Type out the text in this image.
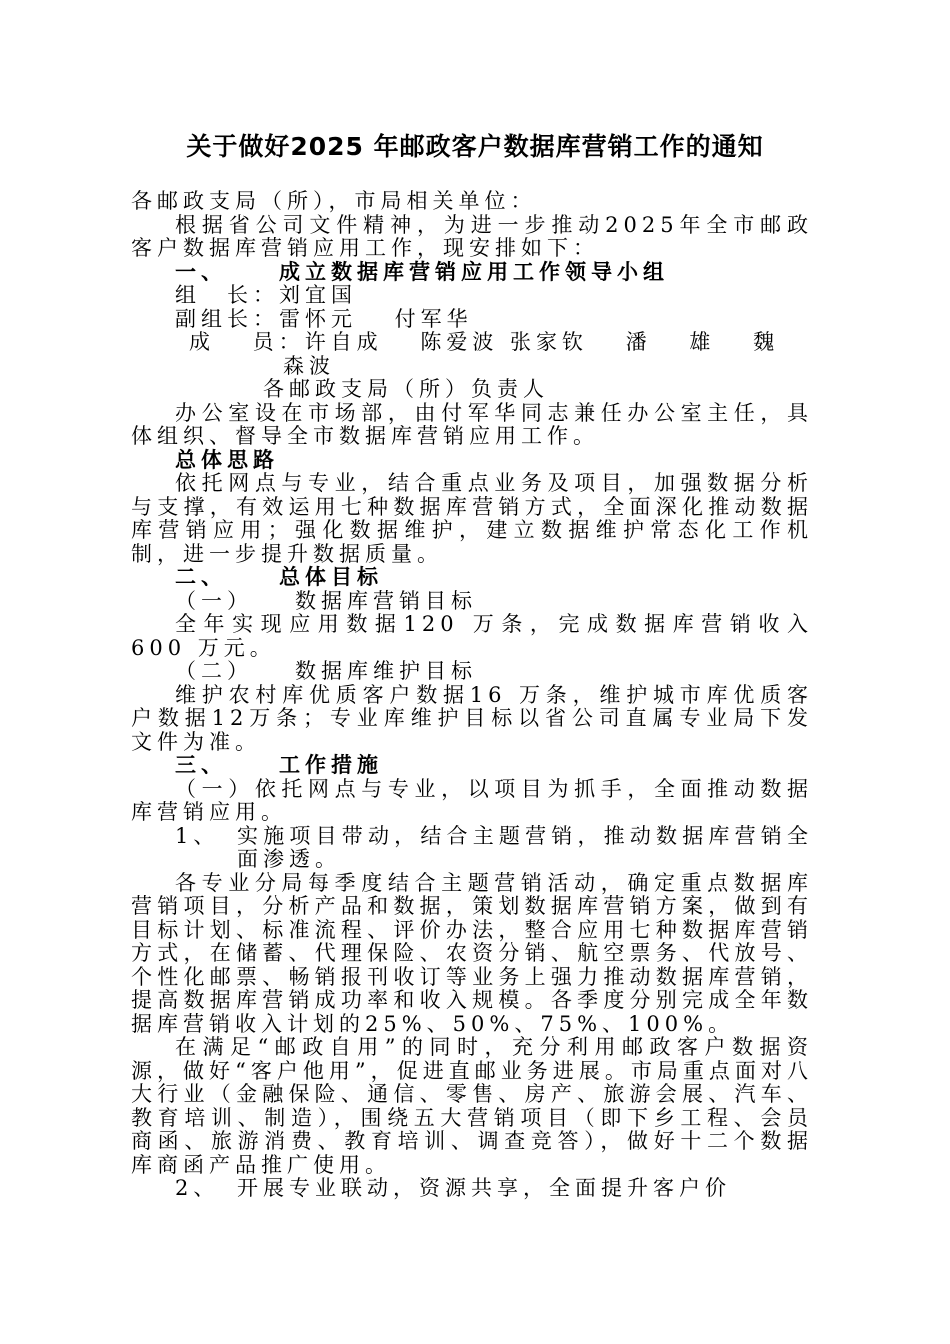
关于做好2025 年邮政客户数据库营销工作的通知

各邮政支局（所），市局相关单位：

根据省公司文件精神，为进一步推动2025年全市邮政客户数据库营销应用工作，现安排如下：

一、 成立数据库营销应用工作领导小组

组　长：刘宜国

副组长：雷怀元　 付军华

成　 员：许自成　 陈爱波 张家钦　 潘　 雄　 魏

森波

各邮政支局（所）负责人

办公室设在市场部，由付军华同志兼任办公室主任，具体组织、督导全市数据库营销应用工作。

总体思路

依托网点与专业，结合重点业务及项目，加强数据分析与支撑，有效运用七种数据库营销方式，全面深化推动数据库营销应用；强化数据维护，建立数据维护常态化工作机制，进一步提升数据质量。

二、 总体目标

（一） 数据库营销目标

全年实现应用数据120 万条，完成数据库营销收入600 万元。

（二） 数据库维护目标

维护农村库优质客户数据16 万条，维护城市库优质客户数据12万条；专业库维护目标以省公司直属专业局下发文件为准。

三、 工作措施

（一）依托网点与专业，以项目为抓手，全面推动数据库营销应用。

1、 实施项目带动，结合主题营销，推动数据库营销全面渗透。

各专业分局每季度结合主题营销活动，确定重点数据库营销项目，分析产品和数据，策划数据库营销方案，做到有目标计划、标准流程、评价办法，整合应用七种数据库营销方式，在储蓄、代理保险、农资分销、航空票务、代放号、个性化邮票、畅销报刊收订等业务上强力推动数据库营销，提高数据库营销成功率和收入规模。各季度分别完成全年数据库营销收入计划的25%、50%、75%、100%。

在满足“邮政自用”的同时，充分利用邮政客户数据资源，做好“客户他用”，促进直邮业务进展。市局重点面对八大行业（金融保险、通信、零售、房产、旅游会展、汽车、教育培训、制造），围绕五大营销项目（即下乡工程、会员商函、旅游消费、教育培训、调查竞答），做好十二个数据库商函产品推广使用。

2、 开展专业联动，资源共享，全面提升客户价
